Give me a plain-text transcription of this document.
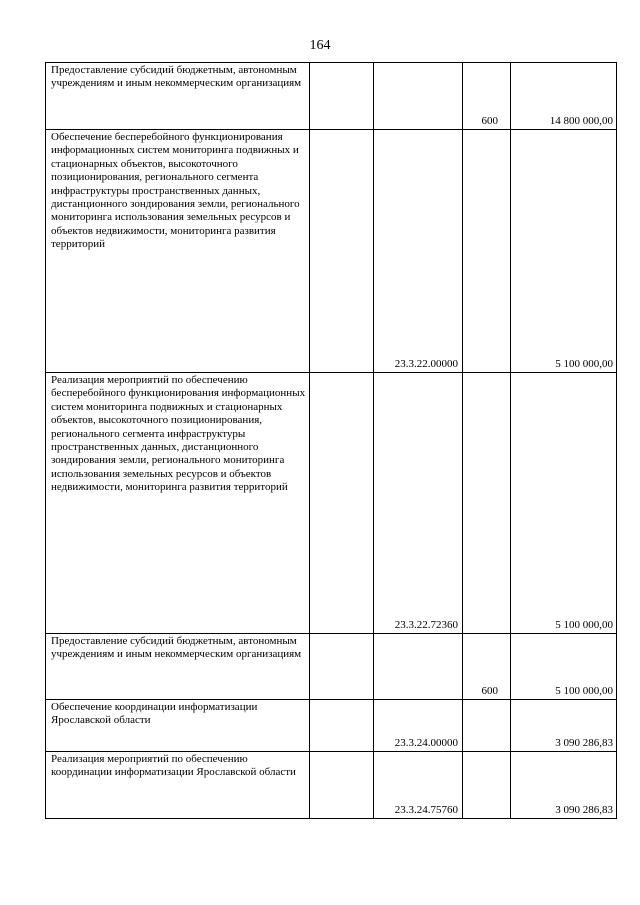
164
Предоставление субсидий бюджетным, автономным учреждениям и иным некоммерческим организациям			600	14 800 000,00
Обеспечение бесперебойного функционирования информационных систем мониторинга подвижных и стационарных объектов, высокоточного позиционирования, регионального сегмента инфраструктуры пространственных данных, дистанционного зондирования земли, регионального мониторинга использования земельных ресурсов и объектов недвижимости, мониторинга развития территорий		23.3.22.00000		5 100 000,00
Реализация мероприятий по обеспечению бесперебойного функционирования информационных систем мониторинга подвижных и стационарных объектов, высокоточного позиционирования, регионального сегмента инфраструктуры пространственных данных, дистанционного зондирования земли, регионального мониторинга использования земельных ресурсов и объектов недвижимости, мониторинга развития территорий		23.3.22.72360		5 100 000,00
Предоставление субсидий бюджетным, автономным учреждениям и иным некоммерческим организациям			600	5 100 000,00
Обеспечение координации информатизации Ярославской области		23.3.24.00000		3 090 286,83
Реализация мероприятий по обеспечению координации информатизации Ярославской области		23.3.24.75760		3 090 286,83
